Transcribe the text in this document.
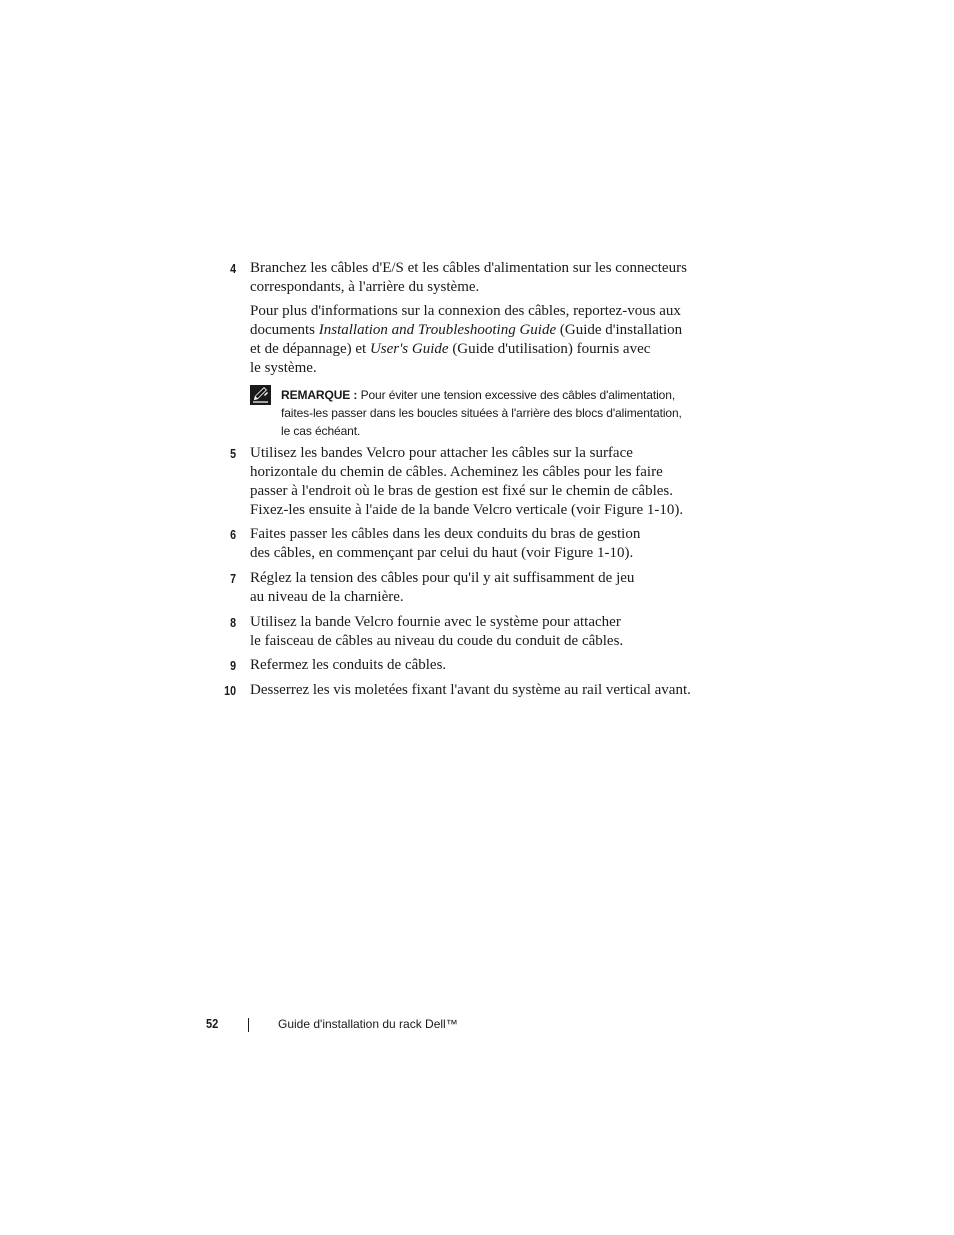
4 Branchez les câbles d'E/S et les câbles d'alimentation sur les connecteurs
correspondants, à l'arrière du système.

Pour plus d'informations sur la connexion des câbles, reportez-vous aux
documents Installation and Troubleshooting Guide (Guide d'installation
et de dépannage) et User's Guide (Guide d'utilisation) fournis avec
le système.

REMARQUE : Pour éviter une tension excessive des câbles d'alimentation,
faites-les passer dans les boucles situées à l'arrière des blocs d'alimentation,
le cas échéant.
5 Utilisez les bandes Velcro pour attacher les câbles sur la surface
horizontale du chemin de câbles. Acheminez les câbles pour les faire
passer à l'endroit où le bras de gestion est fixé sur le chemin de câbles.
Fixez-les ensuite à l'aide de la bande Velcro verticale (voir Figure 1-10).

6 Faites passer les câbles dans les deux conduits du bras de gestion
des câbles, en commençant par celui du haut (voir Figure 1-10).

7 Réglez la tension des câbles pour qu'il y ait suffisamment de jeu
au niveau de la charnière.

8 Utilisez la bande Velcro fournie avec le système pour attacher
le faisceau de câbles au niveau du coude du conduit de câbles.

9 Refermez les conduits de câbles.

10 Desserrez les vis moletées fixant l'avant du système au rail vertical avant.

52	Guide d'installation du rack Dell™
